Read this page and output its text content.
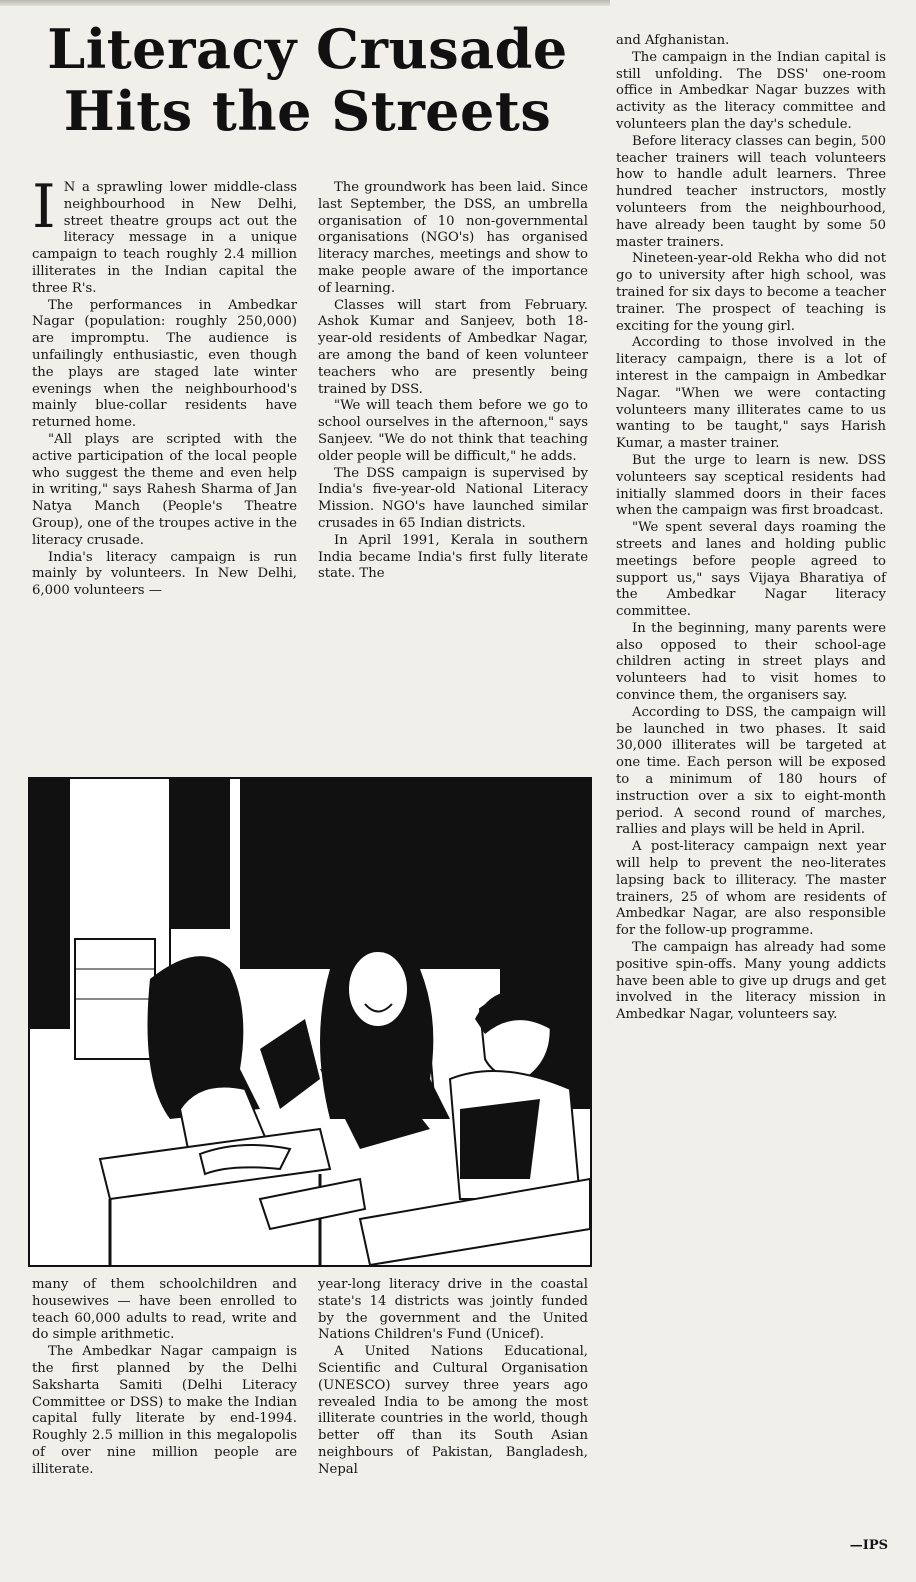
Literacy Crusade
Hits the Streets

I N a sprawling lower middle-class neighbourhood in New Delhi, street theatre groups act out the literacy message in a unique campaign to teach roughly 2.4 million illiterates in the Indian capital the three R's.

The performances in Ambedkar Nagar (population: roughly 250,000) are impromptu. The audience is unfailingly enthusiastic, even though the plays are staged late winter evenings when the neighbourhood's mainly blue-collar residents have returned home.

"All plays are scripted with the active participation of the local people who suggest the theme and even help in writing," says Rahesh Sharma of Jan Natya Manch (People's Theatre Group), one of the troupes active in the literacy crusade.

India's literacy campaign is run mainly by volunteers. In New Delhi, 6,000 volunteers —

The groundwork has been laid. Since last September, the DSS, an umbrella organisation of 10 non-governmental organisations (NGO's) has organised literacy marches, meetings and show to make people aware of the importance of learning.

Classes will start from February. Ashok Kumar and Sanjeev, both 18-year-old residents of Ambedkar Nagar, are among the band of keen volunteer teachers who are presently being trained by DSS.

"We will teach them before we go to school ourselves in the afternoon," says Sanjeev. "We do not think that teaching older people will be difficult," he adds.

The DSS campaign is supervised by India's five-year-old National Literacy Mission. NGO's have launched similar crusades in 65 Indian districts.

In April 1991, Kerala in southern India became India's first fully literate state. The

and Afghanistan.

The campaign in the Indian capital is still unfolding. The DSS' one-room office in Ambedkar Nagar buzzes with activity as the literacy committee and volunteers plan the day's schedule.

Before literacy classes can begin, 500 teacher trainers will teach volunteers how to handle adult learners. Three hundred teacher instructors, mostly volunteers from the neighbourhood, have already been taught by some 50 master trainers.

Nineteen-year-old Rekha who did not go to university after high school, was trained for six days to become a teacher trainer. The prospect of teaching is exciting for the young girl.

According to those involved in the literacy campaign, there is a lot of interest in the campaign in Ambedkar Nagar. "When we were contacting volunteers many illiterates came to us wanting to be taught," says Harish Kumar, a master trainer.

But the urge to learn is new. DSS volunteers say sceptical residents had initially slammed doors in their faces when the campaign was first broadcast.

"We spent several days roaming the streets and lanes and holding public meetings before people agreed to support us," says Vijaya Bharatiya of the Ambedkar Nagar literacy committee.

In the beginning, many parents were also opposed to their school-age children acting in street plays and volunteers had to visit homes to convince them, the organisers say.

According to DSS, the campaign will be launched in two phases. It said 30,000 illiterates will be targeted at one time. Each person will be exposed to a minimum of 180 hours of instruction over a six to eight-month period. A second round of marches, rallies and plays will be held in April.

A post-literacy campaign next year will help to prevent the neo-literates lapsing back to illiteracy. The master trainers, 25 of whom are residents of Ambedkar Nagar, are also responsible for the follow-up programme.

The campaign has already had some positive spin-offs. Many young addicts have been able to give up drugs and get involved in the literacy mission in Ambedkar Nagar, volunteers say.

many of them schoolchildren and housewives — have been enrolled to teach 60,000 adults to read, write and do simple arithmetic.

The Ambedkar Nagar campaign is the first planned by the Delhi Saksharta Samiti (Delhi Literacy Committee or DSS) to make the Indian capital fully literate by end-1994. Roughly 2.5 million in this megalopolis of over nine million people are illiterate.

year-long literacy drive in the coastal state's 14 districts was jointly funded by the government and the United Nations Children's Fund (Unicef).

A United Nations Educational, Scientific and Cultural Organisation (UNESCO) survey three years ago revealed India to be among the most illiterate countries in the world, though better off than its South Asian neighbours of Pakistan, Bangladesh, Nepal

—IPS
